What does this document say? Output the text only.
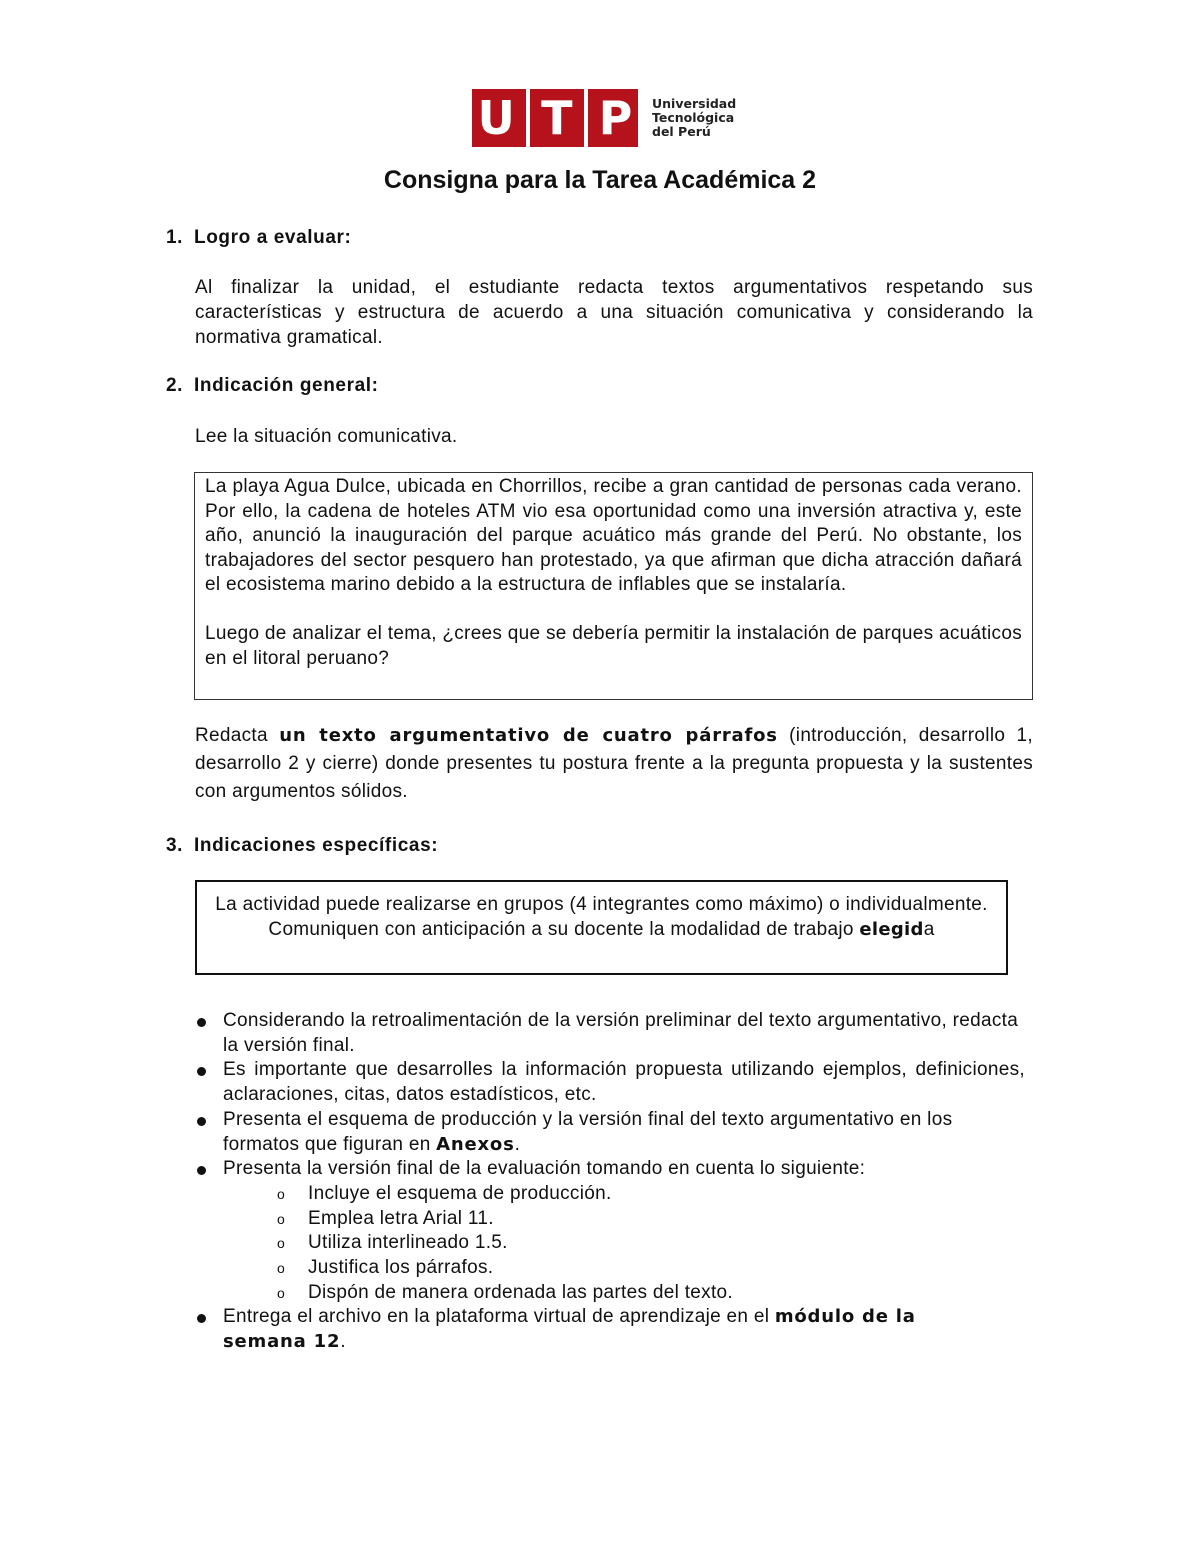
U T P Universidad
Tecnológica
del Perú
Consigna para la Tarea Académica 2
1. Logro a evaluar:
Al finalizar la unidad, el estudiante redacta textos argumentativos respetando sus características y estructura de acuerdo a una situación comunicativa y considerando la normativa gramatical.
2. Indicación general:
Lee la situación comunicativa.

La playa Agua Dulce, ubicada en Chorrillos, recibe a gran cantidad de personas cada verano. Por ello, la cadena de hoteles ATM vio esa oportunidad como una inversión atractiva y, este año, anunció la inauguración del parque acuático más grande del Perú. No obstante, los trabajadores del sector pesquero han protestado, ya que afirman que dicha atracción dañará el ecosistema marino debido a la estructura de inflables que se instalaría.

Luego de analizar el tema, ¿crees que se debería permitir la instalación de parques acuáticos en el litoral peruano?

Redacta un texto argumentativo de cuatro párrafos (introducción, desarrollo 1, desarrollo 2 y cierre) donde presentes tu postura frente a la pregunta propuesta y la sustentes con argumentos sólidos.
3. Indicaciones específicas:
La actividad puede realizarse en grupos (4 integrantes como máximo) o individualmente. Comuniquen con anticipación a su docente la modalidad de trabajo elegida
Considerando la retroalimentación de la versión preliminar del texto argumentativo, redacta la versión final.
Es importante que desarrolles la información propuesta utilizando ejemplos, definiciones, aclaraciones, citas, datos estadísticos, etc.
Presenta el esquema de producción y la versión final del texto argumentativo en los formatos que figuran en Anexos.
Presenta la versión final de la evaluación tomando en cuenta lo siguiente:
o Incluye el esquema de producción.
o Emplea letra Arial 11.
o Utiliza interlineado 1.5.
o Justifica los párrafos.
o Dispón de manera ordenada las partes del texto.
Entrega el archivo en la plataforma virtual de aprendizaje en el módulo de la semana 12.
